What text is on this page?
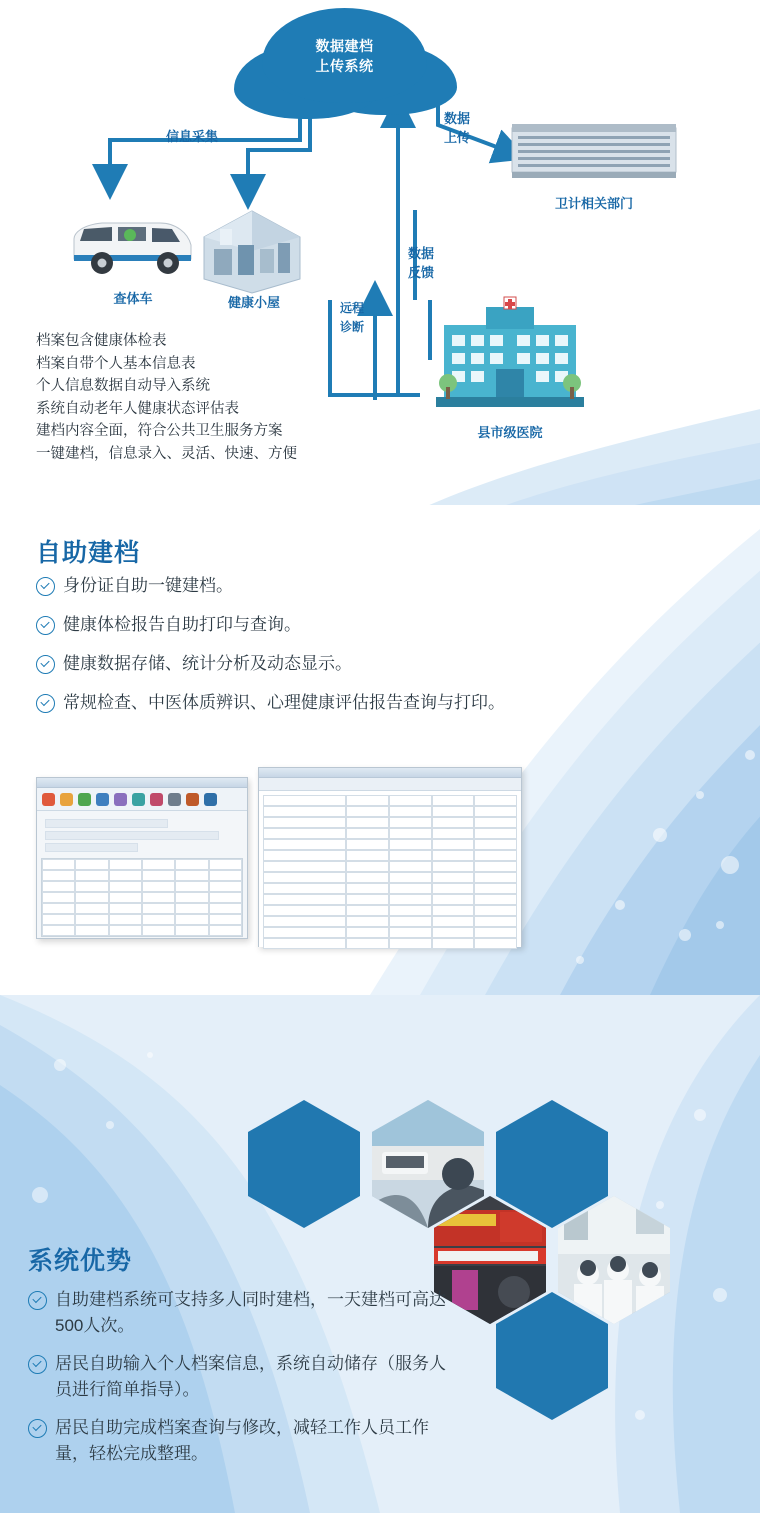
数据建档
上传系统
信息采集
数据
上传
数据
反馈
远程
诊断
查体车	健康小屋
卫计相关部门
县市级医院
档案包含健康体检表
档案自带个人基本信息表
个人信息数据自动导入系统
系统自动老年人健康状态评估表
建档内容全面，符合公共卫生服务方案
一键建档，信息录入、灵活、快速、方便
自助建档
身份证自助一键建档。
健康体检报告自助打印与查询。
健康数据存储、统计分析及动态显示。
常规检查、中医体质辨识、心理健康评估报告查询与打印。
系统优势
自助建档系统可支持多人同时建档，一天建档可高达500人次。
居民自助输入个人档案信息，系统自动储存（服务人员进行简单指导）。
居民自助完成档案查询与修改，减轻工作人员工作量，轻松完成整理。
